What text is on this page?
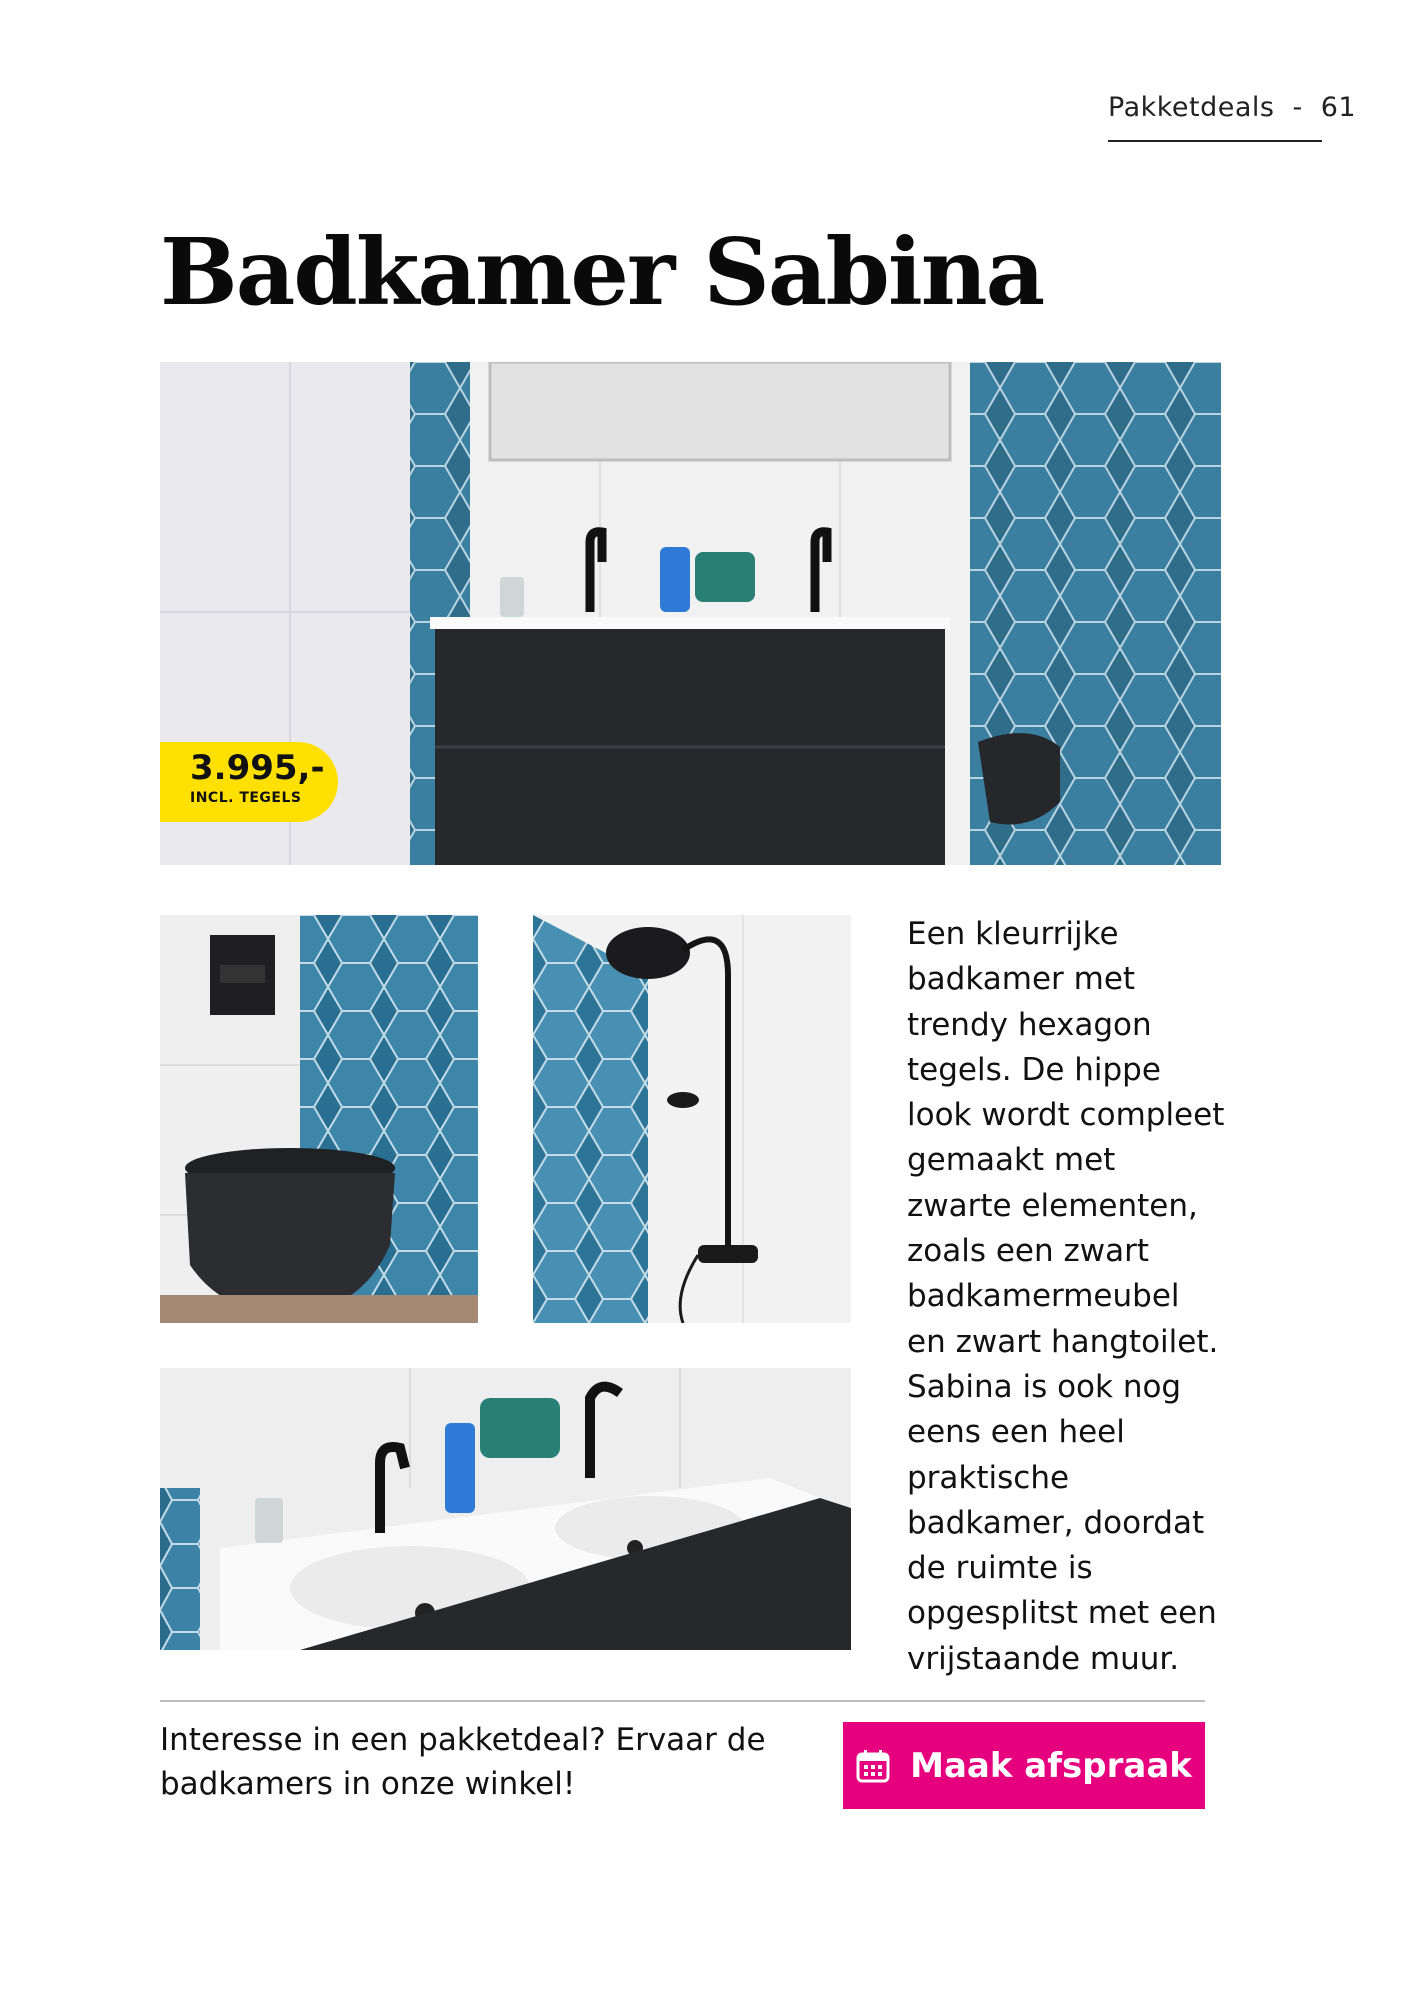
Pakketdeals - 61
Badkamer Sabina
3.995,-
INCL. TEGELS

Een kleurrijke badkamer met trendy hexagon tegels. De hippe look wordt compleet gemaakt met zwarte elementen, zoals een zwart badkamermeubel en zwart hangtoilet. Sabina is ook nog eens een heel praktische badkamer, doordat de ruimte is opgesplitst met een vrijstaande muur.

Interesse in een pakketdeal? Ervaar de badkamers in onze winkel!	Maak afspraak
